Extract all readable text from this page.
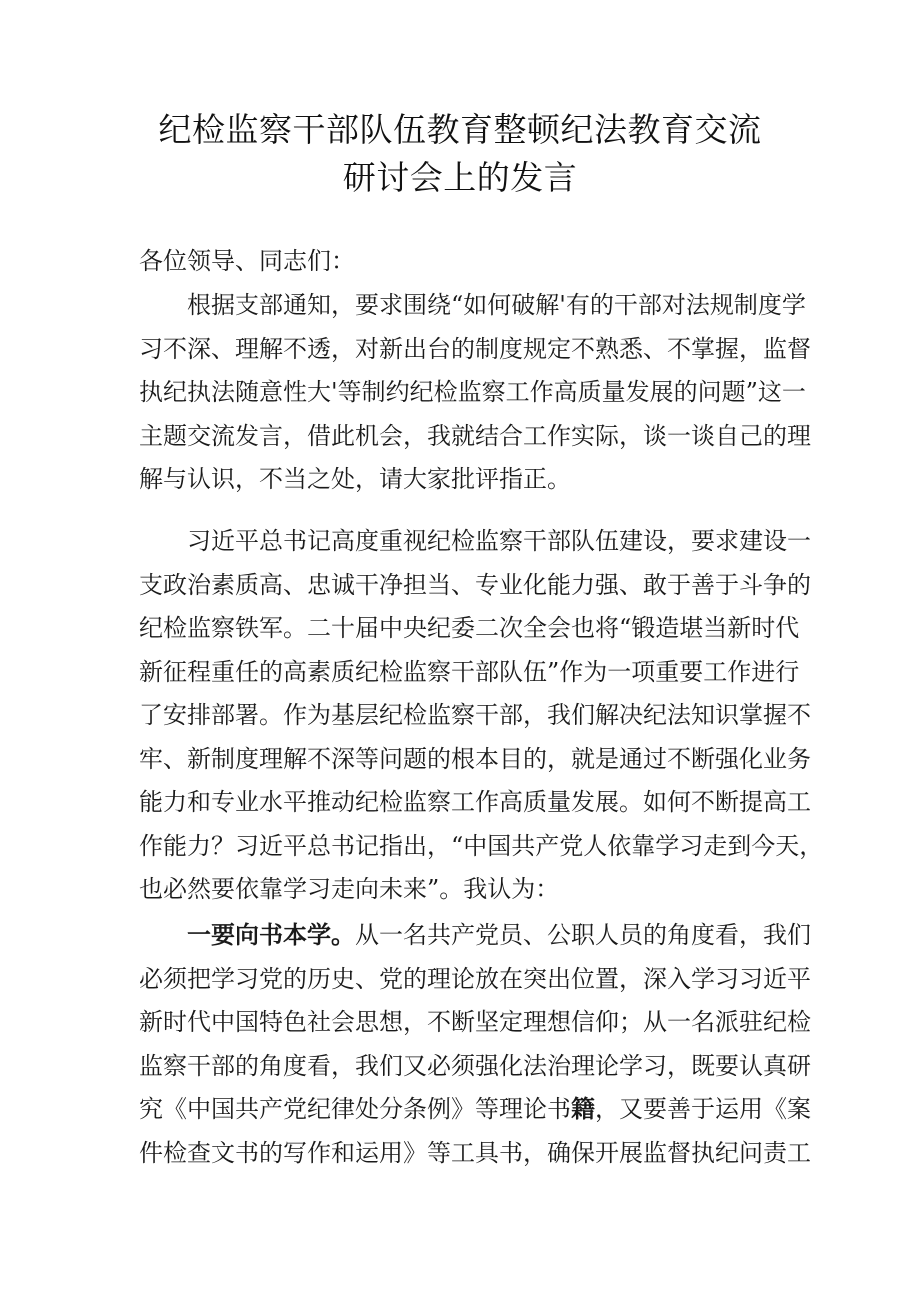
纪检监察干部队伍教育整顿纪法教育交流
研讨会上的发言
各位领导、同志们：
根 据 支 部 通 知 ， 要 求 围 绕 “ 如 何 破 解 ' 有 的 干 部 对 法 规 制 度 学
习 不 深 、 理 解 不 透 ， 对 新 出 台 的 制 度 规 定 不 熟 悉 、 不 掌 握 ， 监 督
执 纪 执 法 随 意 性 大 ' 等 制 约 纪 检 监 察 工 作 高 质 量 发 展 的 问 题 ” 这 一
主 题 交 流 发 言 ， 借 此 机 会 ， 我 就 结 合 工 作 实 际 ， 谈 一 谈 自 己 的 理
解与认识，不当之处，请大家批评指正。
习 近 平 总 书 记 高 度 重 视 纪 检 监 察 干 部 队 伍 建 设 ， 要 求 建 设 一
支 政 治 素 质 高 、 忠 诚 干 净 担 当 、 专 业 化 能 力 强 、 敢 于 善 于 斗 争 的
纪 检 监 察 铁 军 。 二 十 届 中 央 纪 委 二 次 全 会 也 将 “ 锻 造 堪 当 新 时 代
新 征 程 重 任 的 高 素 质 纪 检 监 察 干 部 队 伍 ” 作 为 一 项 重 要 工 作 进 行
了 安 排 部 署 。 作 为 基 层 纪 检 监 察 干 部 ， 我 们 解 决 纪 法 知 识 掌 握 不
牢 、 新 制 度 理 解 不 深 等 问 题 的 根 本 目 的 ， 就 是 通 过 不 断 强 化 业 务
能 力 和 专 业 水 平 推 动 纪 检 监 察 工 作 高 质 量 发 展 。 如 何 不 断 提 高 工
作 能 力 ？ 习 近 平 总 书 记 指 出 ， “ 中 国 共 产 党 人 依 靠 学 习 走 到 今 天 ，
也必然要依靠学习走向未来”。我认为：
一 要 向 书 本 学 。 从 一 名 共 产 党 员 、 公 职 人 员 的 角 度 看 ， 我 们
必 须 把 学 习 党 的 历 史 、 党 的 理 论 放 在 突 出 位 置 ， 深 入 学 习 习 近 平
新 时 代 中 国 特 色 社 会 思 想 ， 不 断 坚 定 理 想 信 仰 ； 从 一 名 派 驻 纪 检
监 察 干 部 的 角 度 看 ， 我 们 又 必 须 强 化 法 治 理 论 学 习 ， 既 要 认 真 研
究 《 中 国 共 产 党 纪 律 处 分 条 例 》 等 理 论 书 籍 ， 又 要 善 于 运 用 《 案
件 检 查 文 书 的 写 作 和 运 用 》 等 工 具 书 ， 确 保 开 展 监 督 执 纪 问 责 工
